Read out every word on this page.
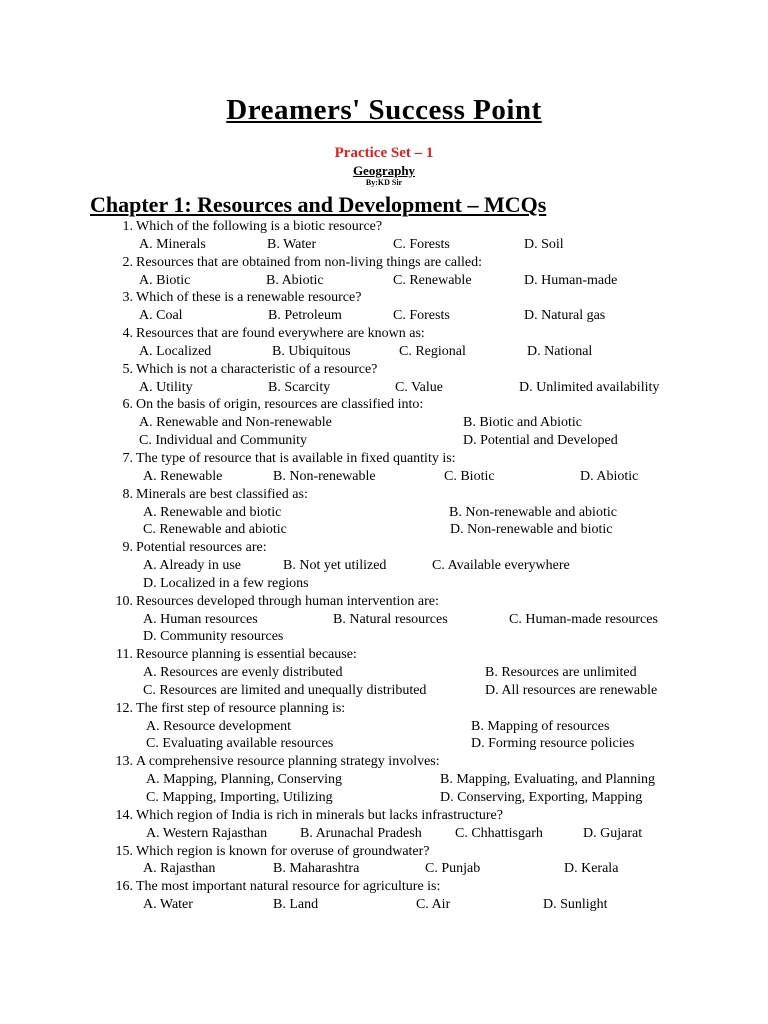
Dreamers' Success Point
Practice Set – 1
Geography
By:KD Sir
Chapter 1: Resources and Development – MCQs
1. Which of the following is a biotic resource?
A. Minerals	B. Water	C. Forests	D. Soil
2. Resources that are obtained from non-living things are called:
A. Biotic	B. Abiotic	C. Renewable	D. Human-made
3. Which of these is a renewable resource?
A. Coal	B. Petroleum	C. Forests	D. Natural gas
4. Resources that are found everywhere are known as:
A. Localized	B. Ubiquitous	C. Regional	D. National
5. Which is not a characteristic of a resource?
A. Utility	B. Scarcity	C. Value	D. Unlimited availability
6. On the basis of origin, resources are classified into:
A. Renewable and Non-renewable	B. Biotic and Abiotic
C. Individual and Community	D. Potential and Developed
7. The type of resource that is available in fixed quantity is:
A. Renewable	B. Non-renewable	C. Biotic	D. Abiotic
8. Minerals are best classified as:
A. Renewable and biotic	B. Non-renewable and abiotic
C. Renewable and abiotic	D. Non-renewable and biotic
9. Potential resources are:
A. Already in use	B. Not yet utilized	C. Available everywhere
D. Localized in a few regions
10. Resources developed through human intervention are:
A. Human resources	B. Natural resources	C. Human-made resources
D. Community resources
11. Resource planning is essential because:
A. Resources are evenly distributed	B. Resources are unlimited
C. Resources are limited and unequally distributed	D. All resources are renewable
12. The first step of resource planning is:
A. Resource development	B. Mapping of resources
C. Evaluating available resources	D. Forming resource policies
13. A comprehensive resource planning strategy involves:
A. Mapping, Planning, Conserving	B. Mapping, Evaluating, and Planning
C. Mapping, Importing, Utilizing	D. Conserving, Exporting, Mapping
14. Which region of India is rich in minerals but lacks infrastructure?
A. Western Rajasthan B. Arunachal Pradesh C. Chhattisgarh	D. Gujarat
15. Which region is known for overuse of groundwater?
A. Rajasthan	B. Maharashtra	C. Punjab	D. Kerala
16. The most important natural resource for agriculture is:
A. Water	B. Land	C. Air	D. Sunlight
